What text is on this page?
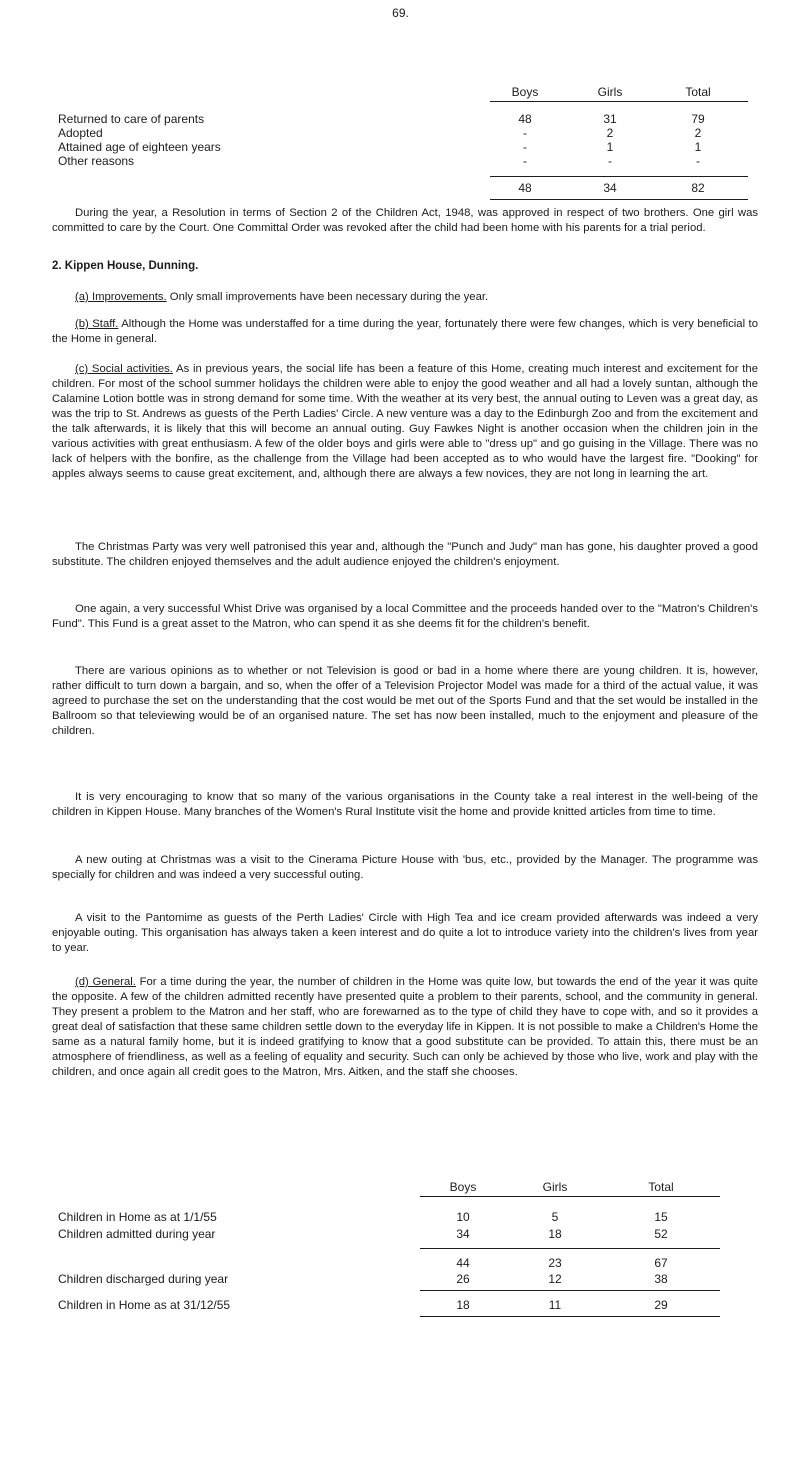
69.
Boys	Girls	Total
Returned to care of parents	48	31	79
Adopted	-	2	2
Attained age of eighteen years	-	1	1
Other reasons	-	-	-
48	34	82

During the year, a Resolution in terms of Section 2 of the Children Act, 1948, was approved in respect of two brothers. One girl was committed to care by the Court. One Committal Order was revoked after the child had been home with his parents for a trial period.

2. Kippen House, Dunning.

(a) Improvements. Only small improvements have been necessary during the year.

(b) Staff. Although the Home was understaffed for a time during the year, fortunately there were few changes, which is very beneficial to the Home in general.

(c) Social activities. As in previous years, the social life has been a feature of this Home, creating much interest and excitement for the children. For most of the school summer holidays the children were able to enjoy the good weather and all had a lovely suntan, although the Calamine Lotion bottle was in strong demand for some time. With the weather at its very best, the annual outing to Leven was a great day, as was the trip to St. Andrews as guests of the Perth Ladies' Circle. A new venture was a day to the Edinburgh Zoo and from the excitement and the talk afterwards, it is likely that this will become an annual outing. Guy Fawkes Night is another occasion when the children join in the various activities with great enthusiasm. A few of the older boys and girls were able to "dress up" and go guising in the Village. There was no lack of helpers with the bonfire, as the challenge from the Village had been accepted as to who would have the largest fire. "Dooking" for apples always seems to cause great excitement, and, although there are always a few novices, they are not long in learning the art.

The Christmas Party was very well patronised this year and, although the "Punch and Judy" man has gone, his daughter proved a good substitute. The children enjoyed themselves and the adult audience enjoyed the children's enjoyment.

One again, a very successful Whist Drive was organised by a local Committee and the proceeds handed over to the "Matron's Children's Fund". This Fund is a great asset to the Matron, who can spend it as she deems fit for the children's benefit.

There are various opinions as to whether or not Television is good or bad in a home where there are young children. It is, however, rather difficult to turn down a bargain, and so, when the offer of a Television Projector Model was made for a third of the actual value, it was agreed to purchase the set on the understanding that the cost would be met out of the Sports Fund and that the set would be installed in the Ballroom so that televiewing would be of an organised nature. The set has now been installed, much to the enjoyment and pleasure of the children.

It is very encouraging to know that so many of the various organisations in the County take a real interest in the well-being of the children in Kippen House. Many branches of the Women's Rural Institute visit the home and provide knitted articles from time to time.

A new outing at Christmas was a visit to the Cinerama Picture House with 'bus, etc., provided by the Manager. The programme was specially for children and was indeed a very successful outing.

A visit to the Pantomime as guests of the Perth Ladies' Circle with High Tea and ice cream provided afterwards was indeed a very enjoyable outing. This organisation has always taken a keen interest and do quite a lot to introduce variety into the children's lives from year to year.

(d) General. For a time during the year, the number of children in the Home was quite low, but towards the end of the year it was quite the opposite. A few of the children admitted recently have presented quite a problem to their parents, school, and the community in general. They present a problem to the Matron and her staff, who are forewarned as to the type of child they have to cope with, and so it provides a great deal of satisfaction that these same children settle down to the everyday life in Kippen. It is not possible to make a Children's Home the same as a natural family home, but it is indeed gratifying to know that a good substitute can be provided. To attain this, there must be an atmosphere of friendliness, as well as a feeling of equality and security. Such can only be achieved by those who live, work and play with the children, and once again all credit goes to the Matron, Mrs. Aitken, and the staff she chooses.

Boys	Girls	Total
Children in Home as at 1/1/55	10	5	15
Children admitted during year	34	18	52
44	23	67
Children discharged during year	26	12	38
Children in Home as at 31/12/55	18	11	29
